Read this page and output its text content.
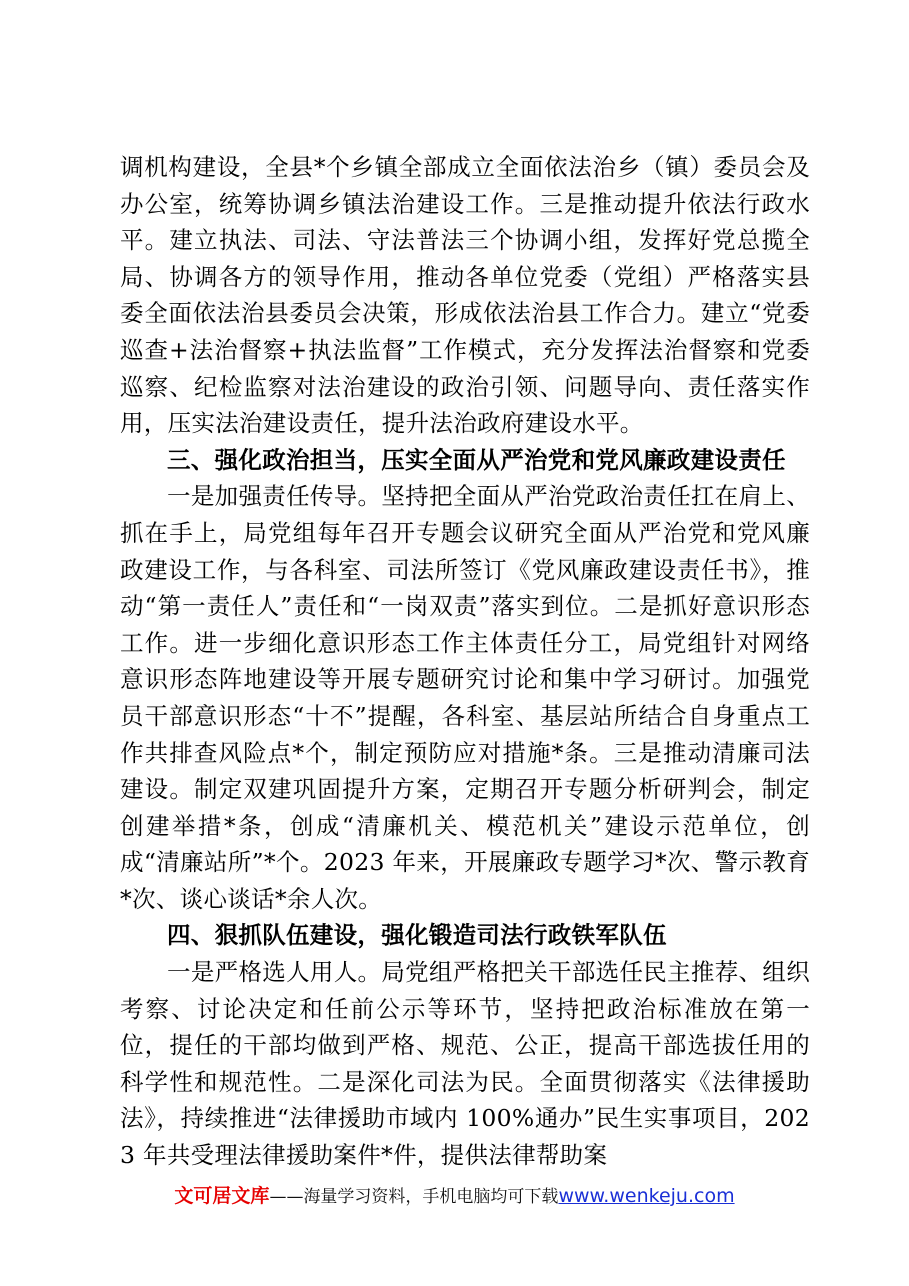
调机构建设，全县*个乡镇全部成立全面依法治乡（镇）委员会及办公室，统筹协调乡镇法治建设工作。三是推动提升依法行政水平。建立执法、司法、守法普法三个协调小组，发挥好党总揽全局、协调各方的领导作用，推动各单位党委（党组）严格落实县委全面依法治县委员会决策，形成依法治县工作合力。建立“党委巡查+法治督察+执法监督”工作模式，充分发挥法治督察和党委巡察、纪检监察对法治建设的政治引领、问题导向、责任落实作用，压实法治建设责任，提升法治政府建设水平。

三、强化政治担当，压实全面从严治党和党风廉政建设责任

一是加强责任传导。坚持把全面从严治党政治责任扛在肩上、抓在手上，局党组每年召开专题会议研究全面从严治党和党风廉政建设工作，与各科室、司法所签订《党风廉政建设责任书》，推动“第一责任人”责任和“一岗双责”落实到位。二是抓好意识形态工作。进一步细化意识形态工作主体责任分工，局党组针对网络意识形态阵地建设等开展专题研究讨论和集中学习研讨。加强党员干部意识形态“十不”提醒，各科室、基层站所结合自身重点工作共排查风险点*个，制定预防应对措施*条。三是推动清廉司法建设。制定双建巩固提升方案，定期召开专题分析研判会，制定创建举措*条，创成“清廉机关、模范机关”建设示范单位，创成“清廉站所”*个。2023 年来，开展廉政专题学习*次、警示教育*次、谈心谈话*余人次。

四、狠抓队伍建设，强化锻造司法行政铁军队伍

一是严格选人用人。局党组严格把关干部选任民主推荐、组织考察、讨论决定和任前公示等环节，坚持把政治标准放在第一位，提任的干部均做到严格、规范、公正，提高干部选拔任用的科学性和规范性。二是深化司法为民。全面贯彻落实《法律援助法》，持续推进“法律援助市域内 100%通办”民生实事项目，2023 年共受理法律援助案件*件，提供法律帮助案

文可居文库——海量学习资料，手机电脑均可下载www.wenkeju.com
